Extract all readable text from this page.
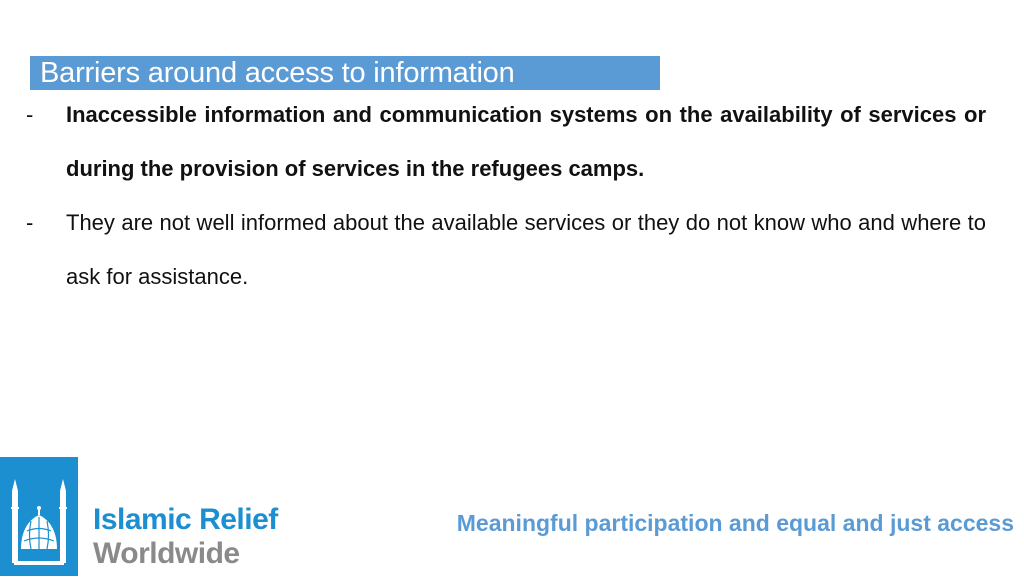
Barriers around access to information
- Inaccessible information and communication systems on the availability of services or during the provision of services in the refugees camps.
- They are not well informed about the available services or they do not know who and where to ask for assistance.
Islamic Relief
Worldwide
Meaningful participation and equal and just access
